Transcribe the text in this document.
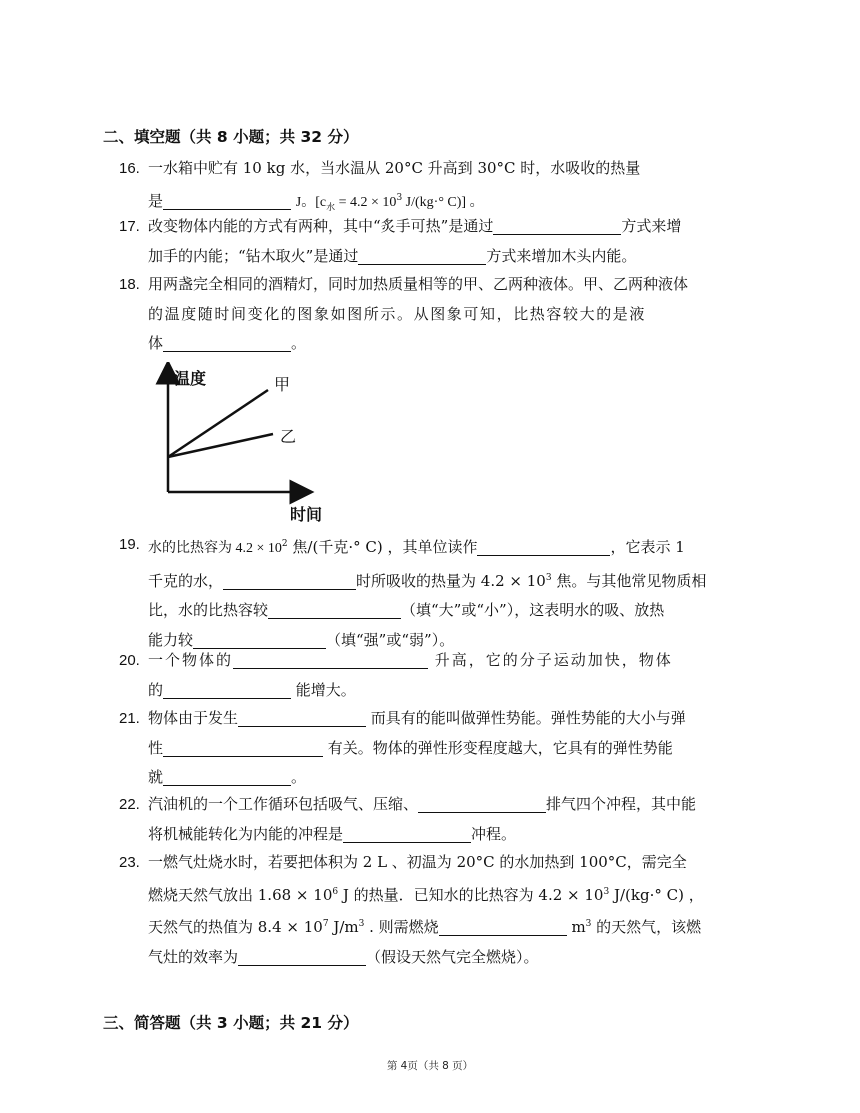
二、填空题（共 8 小题；共 32 分）
16. 一水箱中贮有 10 kg 水，当水温从 20°C 升高到 30°C 时，水吸收的热量
是	J。[$c_水 = 4.2 \times 10^3$ J/(kg·° C)] 。
17. 改变物体内能的方式有两种，其中“炙手可热”是通过	方式来增
加手的内能；“钻木取火”是通过	方式来增加木头内能。
18. 用两盏完全相同的酒精灯，同时加热质量相等的甲、乙两种液体。甲、乙两种液体
的温度随时间变化的图象如图所示。从图象可知，比热容较大的是液
体	。
温度	甲
乙
时间
19. 水的比热容为 $4.2 \times 10^2$ 焦/(千克·° C) ，其单位读作	，它表示 1
千克的水，	时所吸收的热量为 $4.2 \times 10^3$ 焦。与其他常见物质相
比，水的比热容较	（填“大”或“小”），这表明水的吸、放热
能力较	（填“强”或“弱”）。
20. 一个物体的	升高，它的分子运动加快，物体
的	能增大。
21. 物体由于发生	而具有的能叫做弹性势能。弹性势能的大小与弹
性	有关。物体的弹性形变程度越大，它具有的弹性势能
就	。
22. 汽油机的一个工作循环包括吸气、压缩、	排气四个冲程，其中能
将机械能转化为内能的冲程是	冲程。
23. 一燃气灶烧水时，若要把体积为 2 L 、初温为 20°C 的水加热到 100°C，需完全
燃烧天然气放出 $1.68 \times 10^6$ J 的热量．已知水的比热容为 $4.2 \times 10^3$ J/(kg·° C) ，
天然气的热值为 $8.4 \times 10^7$ $J/m^3$ . 则需燃烧	$m^3$ 的天然气，该燃
气灶的效率为	（假设天然气完全燃烧）。
三、简答题（共 3 小题；共 21 分）
第 4页（共 8 页）
